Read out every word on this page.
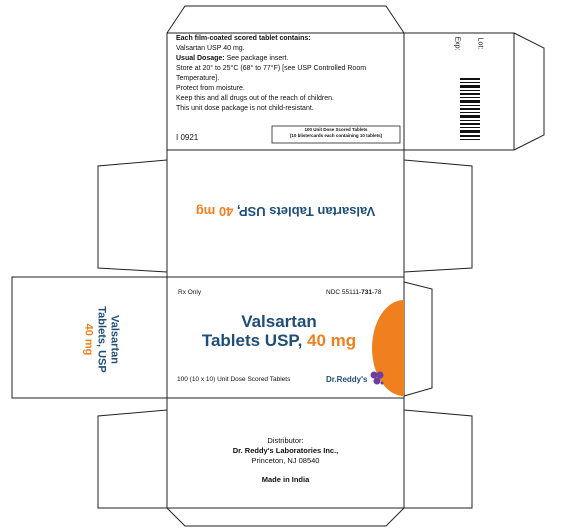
Each film-coated scored tablet contains:
Valsartan USP 40 mg.
Usual Dosage: See package insert.
Store at 20° to 25°C (68° to 77°F) [see USP Controlled Room
Temperature].
Protect from moisture.
Keep this and all drugs out of the reach of children.
This unit dose package is not child-resistant.
I 0921
100 Unit Dose Scored Tablets
(10 blistercards each containing 10 tablets)
Lot:
Exp:
Valsartan Tablets USP, 40 mg
Rx Only	NDC 55111-731-78
Valsartan
Tablets USP, 40 mg
100 (10 x 10) Unit Dose Scored Tablets	Dr.Reddy's
Valsartan
Tablets, USP
40 mg
Distributor:
Dr. Reddy's Laboratories Inc.,
Princeton, NJ 08540
Made in India
